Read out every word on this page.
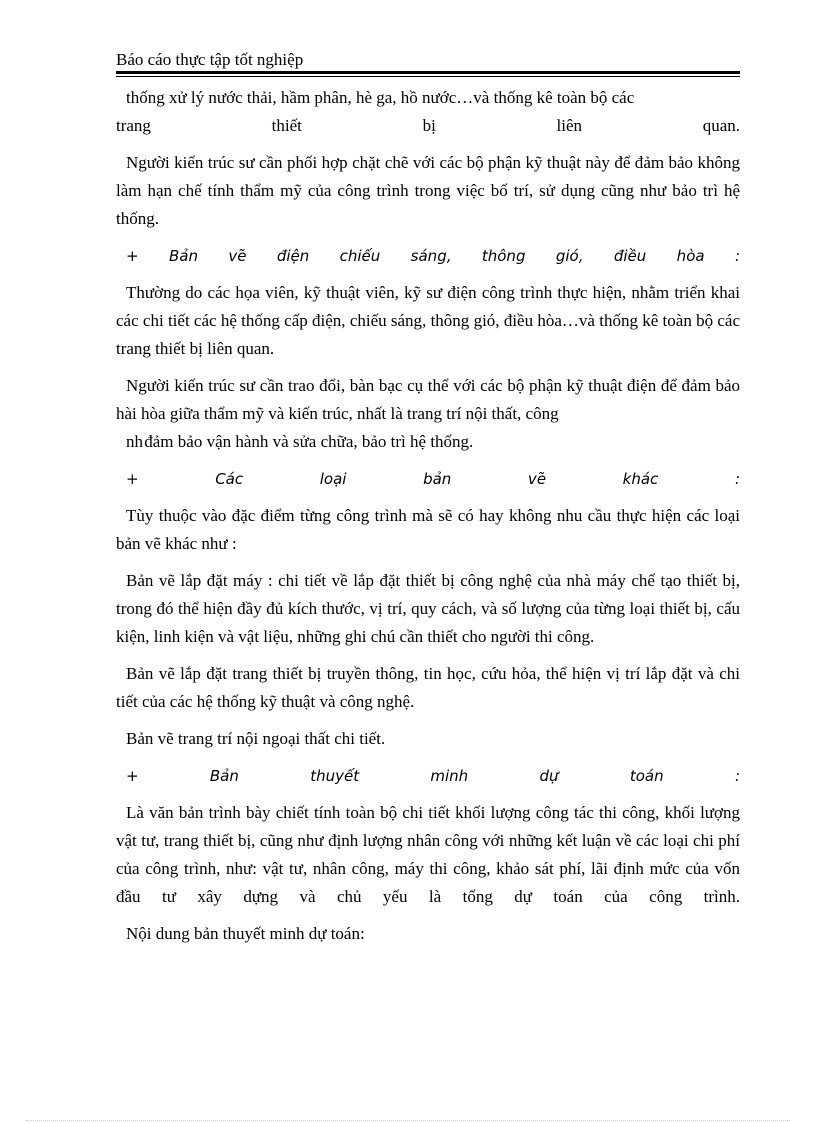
Báo cáo thực tập tốt nghiệp

thống xử lý nước thải, hầm phân, hè ga, hồ nước…và thống kê toàn bộ các

trang thiết bị liên quan.

Người kiến trúc sư cần phối hợp chặt chẽ với các bộ phận kỹ thuật này để đảm bảo không làm hạn chế tính thẩm mỹ của công trình trong việc bố trí, sử dụng cũng như bảo trì hệ thống.

+ Bản vẽ điện chiếu sáng, thông gió, điều hòa :

Thường do các họa viên, kỹ thuật viên, kỹ sư điện công trình thực hiện, nhằm triển khai các chi tiết các hệ thống cấp điện, chiếu sáng, thông gió, điều hòa…và thống kê toàn bộ các trang thiết bị liên quan.

Người kiến trúc sư cần trao đổi, bàn bạc cụ thể với các bộ phận kỹ thuật điện để đảm bảo hài hòa giữa thẩm mỹ và kiến trúc, nhất là trang trí nội thất, công
nh đảm bảo vận hành và sửa chữa, bảo trì hệ thống.

+ Các loại bản vẽ khác :

Tùy thuộc vào đặc điểm từng công trình mà sẽ có hay không nhu cầu thực hiện các loại bản vẽ khác như :

Bản vẽ lắp đặt máy : chi tiết về lắp đặt thiết bị công nghệ của nhà máy chế tạo thiết bị, trong đó thể hiện đầy đủ kích thước, vị trí, quy cách, và số lượng của từng loại thiết bị, cấu kiện, linh kiện và vật liệu, những ghi chú cần thiết cho người thi công.

Bản vẽ lắp đặt trang thiết bị truyền thông, tin học, cứu hỏa, thể hiện vị trí lắp đặt và chi tiết của các hệ thống kỹ thuật và công nghệ.

Bản vẽ trang trí nội ngoại thất chi tiết.

+ Bản thuyết minh dự toán :

Là văn bản trình bày chiết tính toàn bộ chi tiết khối lượng công tác thi công, khối lượng vật tư, trang thiết bị, cũng như định lượng nhân công với những kết luận về các loại chi phí của công trình, như: vật tư, nhân công, máy thi công, khảo sát phí, lãi định mức của vốn đầu tư xây dựng và chủ yếu là tổng dự toán của công trình.

Nội dung bản thuyết minh dự toán:
